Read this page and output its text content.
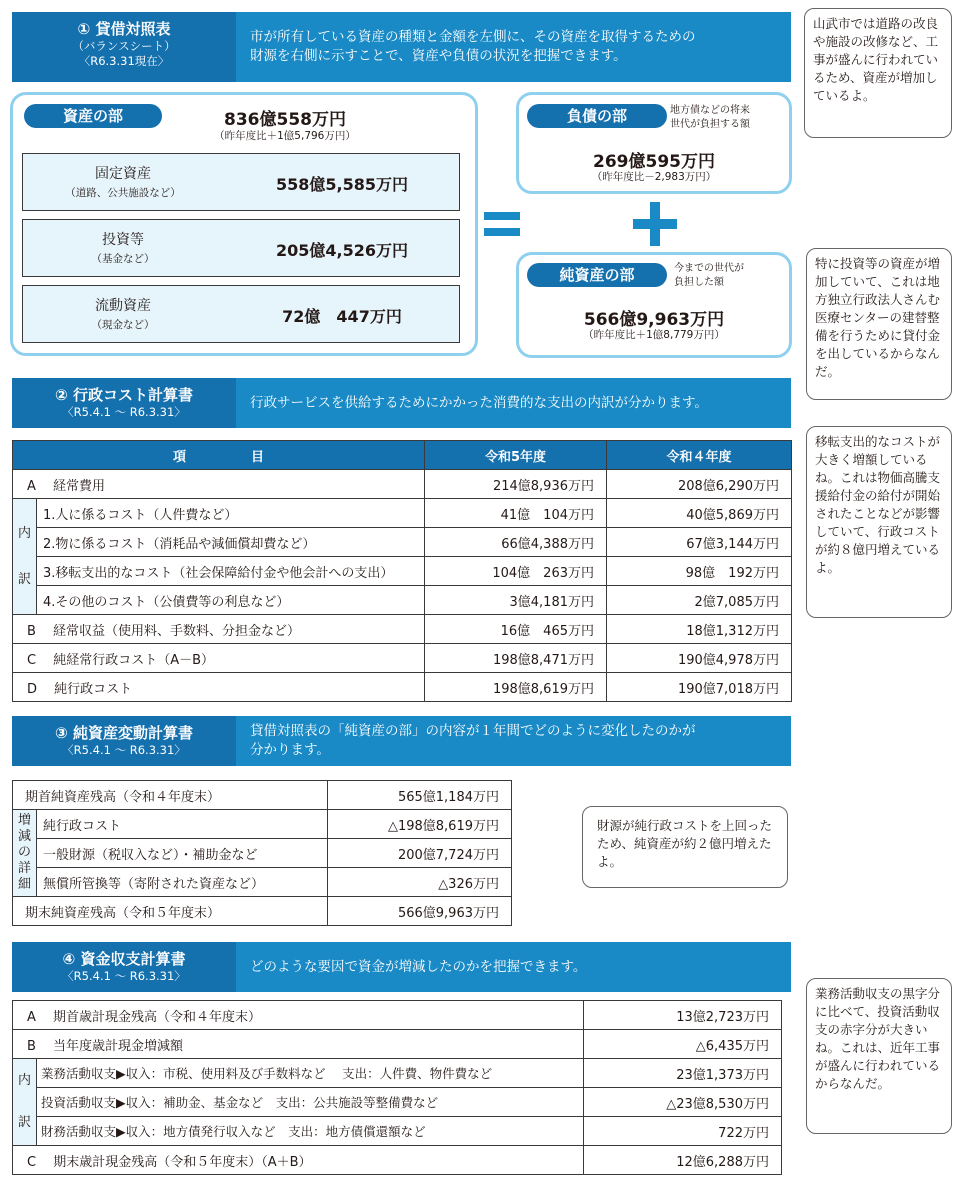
① 貸借対照表
（バランスシート）
〈R6.3.31現在〉
市が所有している資産の種類と金額を左側に、その資産を取得するための
財源を右側に示すことで、資産や負債の状況を把握できます。
資産の部	836億558万円
（昨年度比＋1億5,796万円）
固定資産
（道路、公共施設など）	558億5,585万円
投資等
（基金など）	205億4,526万円
流動資産
（現金など）	72億　447万円
負債の部	地方債などの将来
世代が負担する額
269億595万円
（昨年度比－2,983万円）
純資産の部	今までの世代が
負担した額
566億9,963万円
（昨年度比＋1億8,779万円）
② 行政コスト計算書
〈R5.4.1 ～ R6.3.31〉
行政サービスを供給するためにかかった消費的な支出の内訳が分かります。
項　　　　　目		令和5年度	令和４年度
A　 経常費用		214億8,936万円	208億6,290万円

内
訳	1.人に係るコスト（人件費など）	41億　104万円	40億5,869万円
	2.物に係るコスト（消耗品や減価償却費など）	66億4,388万円	67億3,144万円
	3.移転支出的なコスト（社会保障給付金や他会計への支出）	104億　263万円	98億　192万円
	4.その他のコスト（公債費等の利息など）	3億4,181万円	2億7,085万円
B　 経常収益（使用料、手数料、分担金など）		16億　465万円	18億1,312万円
C　 純経常行政コスト（A－B）		198億8,471万円	190億4,978万円
D　 純行政コスト		198億8,619万円	190億7,018万円
③ 純資産変動計算書
〈R5.4.1 ～ R6.3.31〉
貸借対照表の「純資産の部」の内容が１年間でどのように変化したのかが
分かります。
期首純資産残高（令和４年度末）		565億1,184万円

増
減
の
詳
細	純行政コスト	△198億8,619万円
	一般財源（税収入など）・補助金など	200億7,724万円
	無償所管換等（寄附された資産など）	△326万円
期末純資産残高（令和５年度末）		566億9,963万円
④ 資金収支計算書
〈R5.4.1 ～ R6.3.31〉
どのような要因で資金が増減したのかを把握できます。
A　 期首歳計現金残高（令和４年度末）		13億2,723万円
B　 当年度歳計現金増減額		△6,435万円

内
訳	業務活動収支▶収入：市税、使用料及び手数料など　 支出：人件費、物件費など	23億1,373万円
	投資活動収支▶収入：補助金、基金など　支出：公共施設等整備費など	△23億8,530万円
	財務活動収支▶収入：地方債発行収入など　支出：地方債償還額など	722万円
C　 期末歳計現金残高（令和５年度末）（A＋B）		12億6,288万円
山武市では道路の改良や施設の改修など、工事が盛んに行われているため、資産が増加しているよ。
特に投資等の資産が増加していて、これは地方独立行政法人さんむ医療センターの建替整備を行うために貸付金を出しているからなんだ。
移転支出的なコストが大きく増額しているね。これは物価高騰支援給付金の給付が開始されたことなどが影響していて、行政コストが約８億円増えているよ。
財源が純行政コストを上回ったため、純資産が約２億円増えたよ。
業務活動収支の黒字分に比べて、投資活動収支の赤字分が大きいね。これは、近年工事が盛んに行われているからなんだ。
